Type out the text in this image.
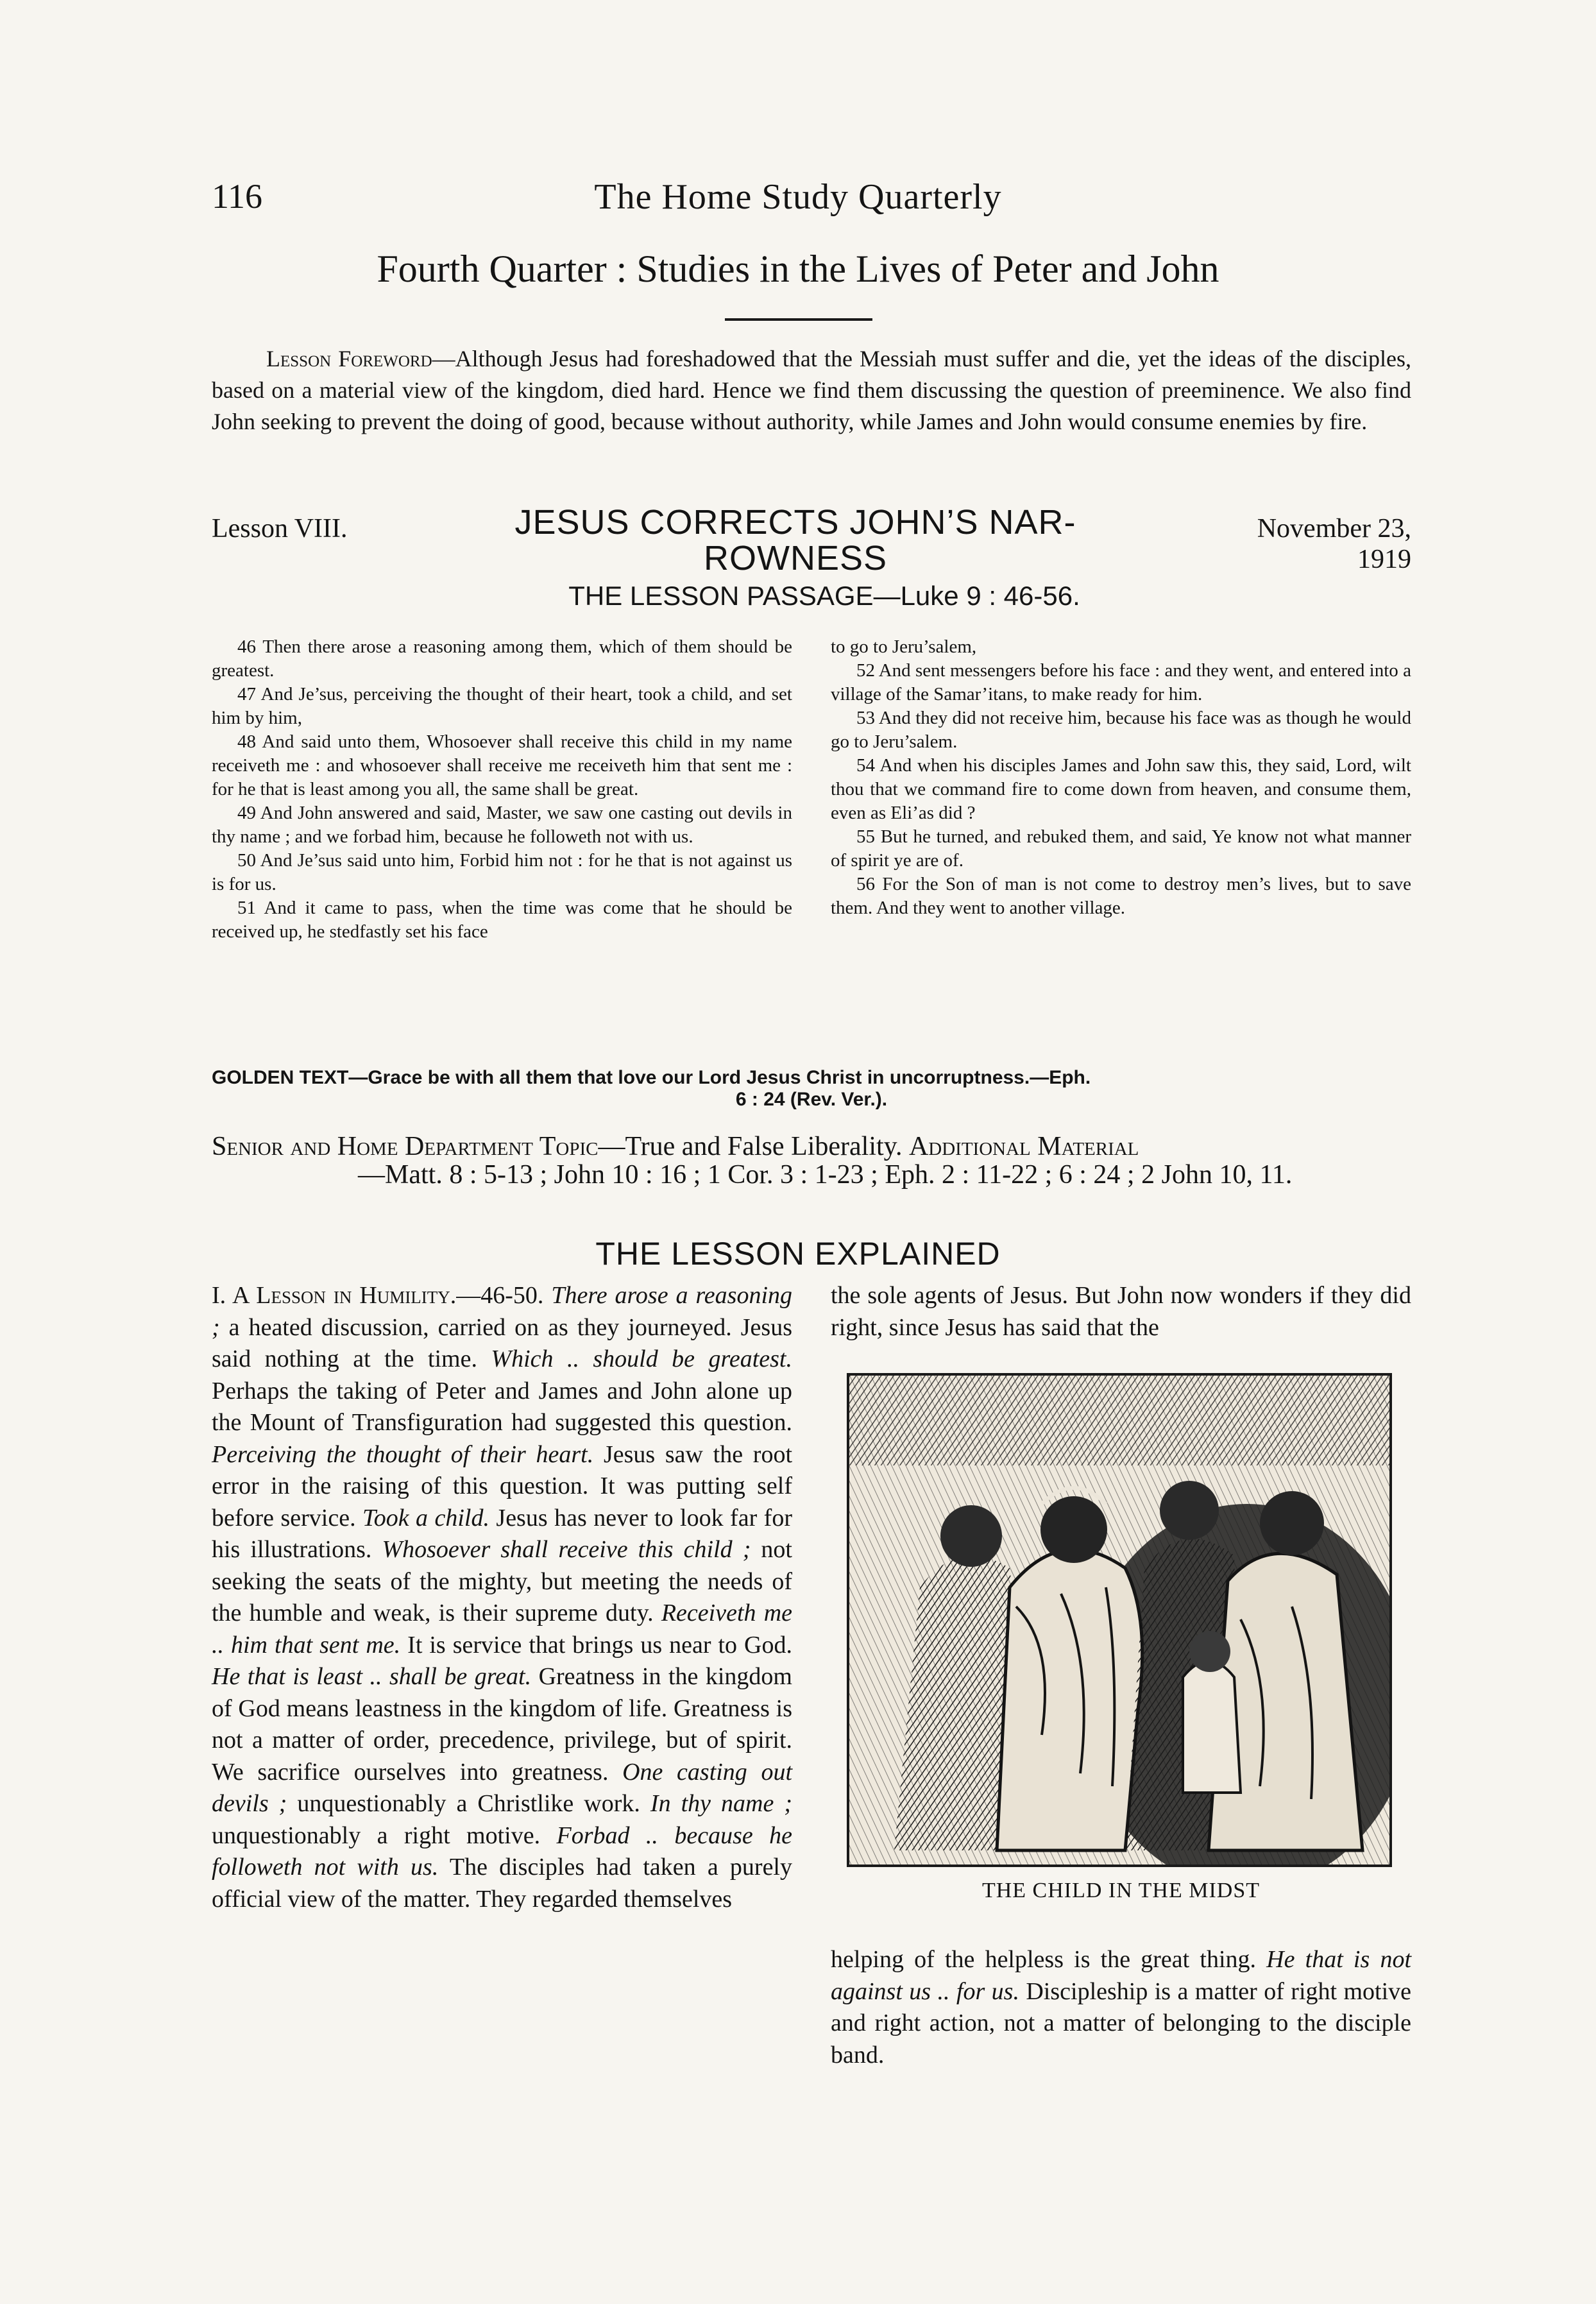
116	The Home Study Quarterly
Fourth Quarter : Studies in the Lives of Peter and John
Lesson Foreword—Although Jesus had foreshadowed that the Messiah must suffer and die, yet the ideas of the disciples, based on a material view of the kingdom, died hard. Hence we find them discussing the question of preeminence. We also find John seeking to prevent the doing of good, because without authority, while James and John would consume enemies by fire.
Lesson VIII.	JESUS CORRECTS JOHN’S NAR-
ROWNESS
November 23, 1919
THE LESSON PASSAGE—Luke 9 : 46-56.

46 Then there arose a reasoning among them, which of them should be greatest.

47 And Je’sus, perceiving the thought of their heart, took a child, and set him by him,

48 And said unto them, Whosoever shall receive this child in my name receiveth me : and whosoever shall receive me receiveth him that sent me : for he that is least among you all, the same shall be great.

49 And John answered and said, Master, we saw one casting out devils in thy name ; and we forbad him, because he followeth not with us.

50 And Je’sus said unto him, Forbid him not : for he that is not against us is for us.

51 And it came to pass, when the time was come that he should be received up, he stedfastly set his face

to go to Jeru’salem,

52 And sent messengers before his face : and they went, and entered into a village of the Samar’itans, to make ready for him.

53 And they did not receive him, because his face was as though he would go to Jeru’salem.

54 And when his disciples James and John saw this, they said, Lord, wilt thou that we command fire to come down from heaven, and consume them, even as Eli’as did ?

55 But he turned, and rebuked them, and said, Ye know not what manner of spirit ye are of.

56 For the Son of man is not come to destroy men’s lives, but to save them. And they went to another village.

GOLDEN TEXT—Grace be with all them that love our Lord Jesus Christ in uncorruptness.—Eph.
6 : 24 (Rev. Ver.).
Senior and Home Department Topic—True and False Liberality. Additional Material
—Matt. 8 : 5-13 ; John 10 : 16 ; 1 Cor. 3 : 1-23 ; Eph. 2 : 11-22 ; 6 : 24 ; 2 John 10, 11.
THE LESSON EXPLAINED
I. A Lesson in Humility.—46-50. There arose a reasoning ; a heated discussion, carried on as they journeyed. Jesus said nothing at the time. Which .. should be greatest. Perhaps the taking of Peter and James and John alone up the Mount of Transfiguration had suggested this question. Perceiving the thought of their heart. Jesus saw the root error in the raising of this question. It was putting self before service. Took a child. Jesus has never to look far for his illustrations. Whosoever shall receive this child ; not seeking the seats of the mighty, but meeting the needs of the humble and weak, is their supreme duty. Receiveth me .. him that sent me. It is service that brings us near to God. He that is least .. shall be great. Greatness in the kingdom of God means leastness in the kingdom of life. Greatness is not a matter of order, precedence, privilege, but of spirit. We sacrifice ourselves into greatness. One casting out devils ; unquestionably a Christlike work. In thy name ; unquestionably a right motive. Forbad .. because he followeth not with us. The disciples had taken a purely official view of the matter. They regarded themselves
the sole agents of Jesus. But John now wonders if they did right, since Jesus has said that the
THE CHILD IN THE MIDST
helping of the helpless is the great thing. He that is not against us .. for us. Discipleship is a matter of right motive and right action, not a matter of belonging to the disciple band.
